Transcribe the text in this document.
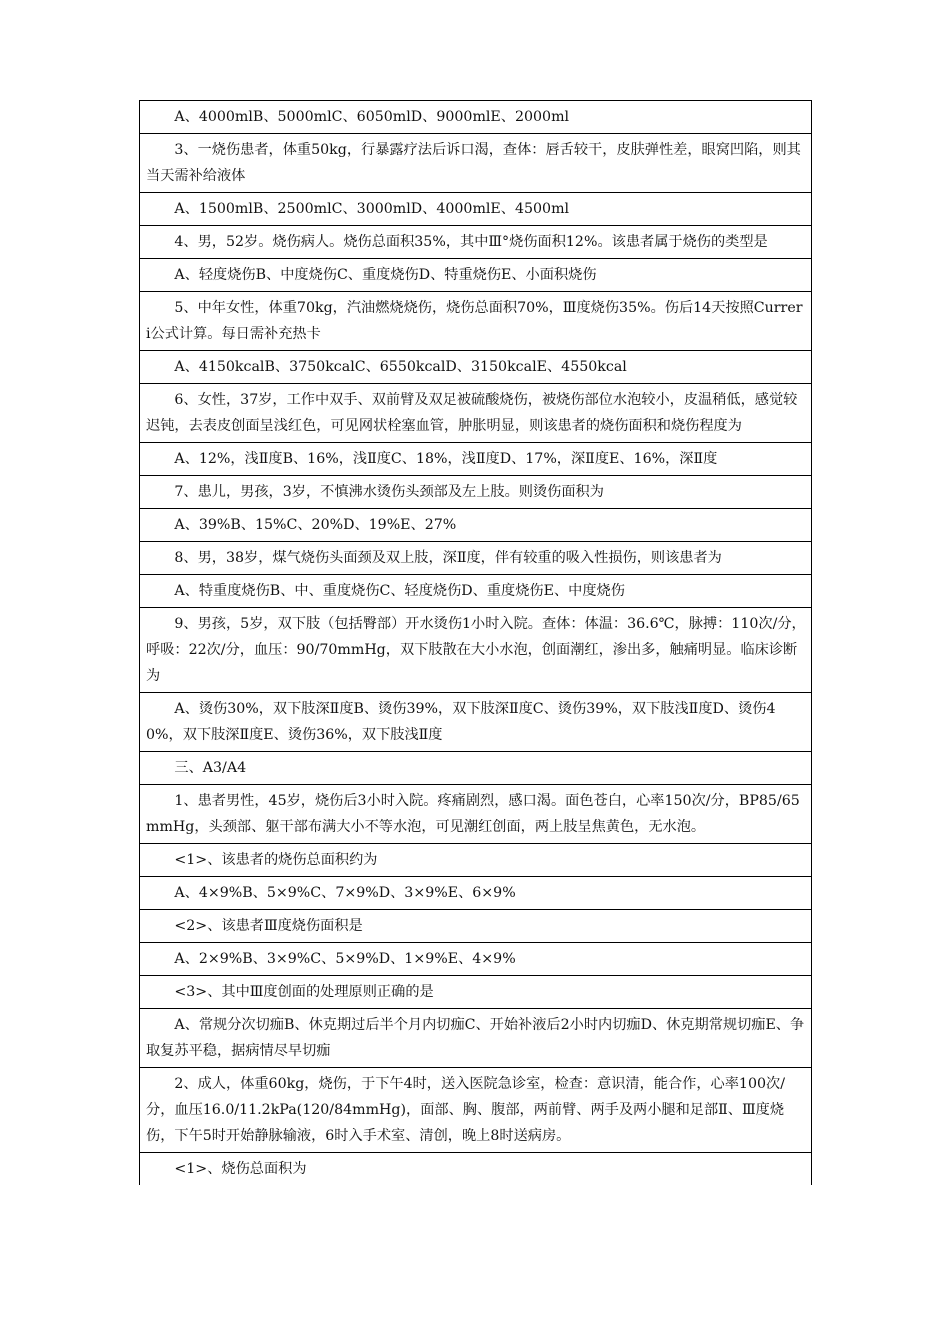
A、4000mlB、5000mlC、6050mlD、9000mlE、2000ml
3、一烧伤患者，体重50kg，行暴露疗法后诉口渴，查体：唇舌较干，皮肤弹性差，眼窝凹陷，则其当天需补给液体
A、1500mlB、2500mlC、3000mlD、4000mlE、4500ml
4、男，52岁。烧伤病人。烧伤总面积35%，其中Ⅲ°烧伤面积12%。该患者属于烧伤的类型是
A、轻度烧伤B、中度烧伤C、重度烧伤D、特重烧伤E、小面积烧伤
5、中年女性，体重70kg，汽油燃烧烧伤，烧伤总面积70%，Ⅲ度烧伤35%。伤后14天按照Curreri公式计算。每日需补充热卡
A、4150kcalB、3750kcalC、6550kcalD、3150kcalE、4550kcal
6、女性，37岁，工作中双手、双前臂及双足被硫酸烧伤，被烧伤部位水泡较小，皮温稍低，感觉较迟钝，去表皮创面呈浅红色，可见网状栓塞血管，肿胀明显，则该患者的烧伤面积和烧伤程度为
A、12%，浅Ⅱ度B、16%，浅Ⅱ度C、18%，浅Ⅱ度D、17%，深Ⅱ度E、16%，深Ⅱ度
7、患儿，男孩，3岁，不慎沸水烫伤头颈部及左上肢。则烫伤面积为
A、39%B、15%C、20%D、19%E、27%
8、男，38岁，煤气烧伤头面颈及双上肢，深Ⅱ度，伴有较重的吸入性损伤，则该患者为
A、特重度烧伤B、中、重度烧伤C、轻度烧伤D、重度烧伤E、中度烧伤
9、男孩，5岁，双下肢（包括臀部）开水烫伤1小时入院。查体：体温：36.6℃，脉搏：110次/分，呼吸：22次/分，血压：90/70mmHg，双下肢散在大小水泡，创面潮红，渗出多，触痛明显。临床诊断为
A、烫伤30%，双下肢深Ⅱ度B、烫伤39%，双下肢深Ⅱ度C、烫伤39%，双下肢浅Ⅱ度D、烫伤40%，双下肢深Ⅱ度E、烫伤36%，双下肢浅Ⅱ度
三、A3/A4
1、患者男性，45岁，烧伤后3小时入院。疼痛剧烈，感口渴。面色苍白，心率150次/分，BP85/65mmHg，头颈部、躯干部布满大小不等水泡，可见潮红创面，两上肢呈焦黄色，无水泡。
<1>、该患者的烧伤总面积约为
A、4×9%B、5×9%C、7×9%D、3×9%E、6×9%
<2>、该患者Ⅲ度烧伤面积是
A、2×9%B、3×9%C、5×9%D、1×9%E、4×9%
<3>、其中Ⅲ度创面的处理原则正确的是
A、常规分次切痂B、休克期过后半个月内切痂C、开始补液后2小时内切痂D、休克期常规切痂E、争取复苏平稳，据病情尽早切痂
2、成人，体重60kg，烧伤，于下午4时，送入医院急诊室，检查：意识清，能合作，心率100次/分，血压16.0/11.2kPa(120/84mmHg)，面部、胸、腹部，两前臂、两手及两小腿和足部Ⅱ、Ⅲ度烧伤，下午5时开始静脉输液，6时入手术室、清创，晚上8时送病房。
<1>、烧伤总面积为
